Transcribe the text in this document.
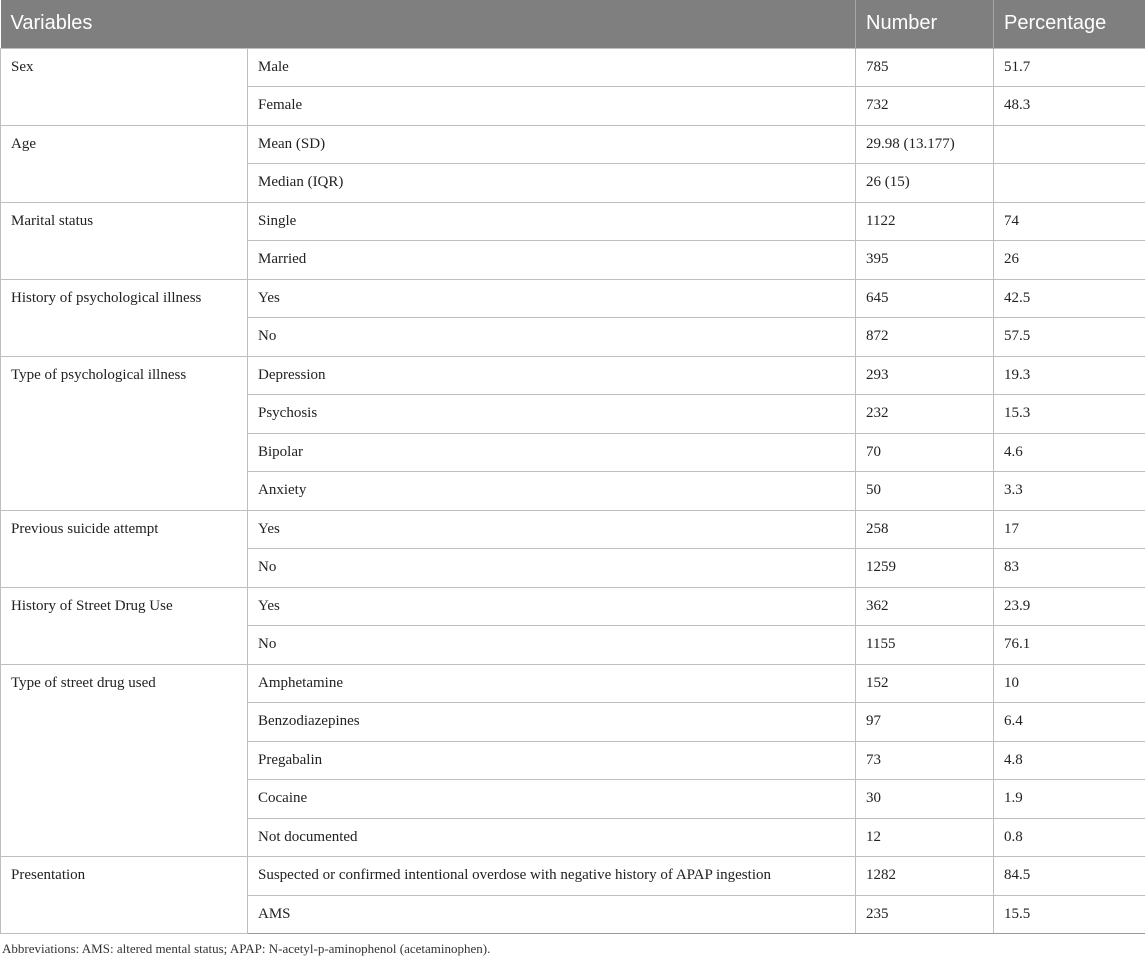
Variables		Number	Percentage
Sex	Male	785	51.7
	Female	732	48.3
Age	Mean (SD)	29.98 (13.177)	
	Median (IQR)	26 (15)	
Marital status	Single	1122	74
	Married	395	26
History of psychological illness	Yes	645	42.5
	No	872	57.5
Type of psychological illness	Depression	293	19.3
	Psychosis	232	15.3
	Bipolar	70	4.6
	Anxiety	50	3.3
Previous suicide attempt	Yes	258	17
	No	1259	83
History of Street Drug Use	Yes	362	23.9
	No	1155	76.1
Type of street drug used	Amphetamine	152	10
	Benzodiazepines	97	6.4
	Pregabalin	73	4.8
	Cocaine	30	1.9
	Not documented	12	0.8
Presentation	Suspected or confirmed intentional overdose with negative history of APAP ingestion	1282	84.5
	AMS	235	15.5

Abbreviations: AMS: altered mental status; APAP: N-acetyl-p-aminophenol (acetaminophen).
